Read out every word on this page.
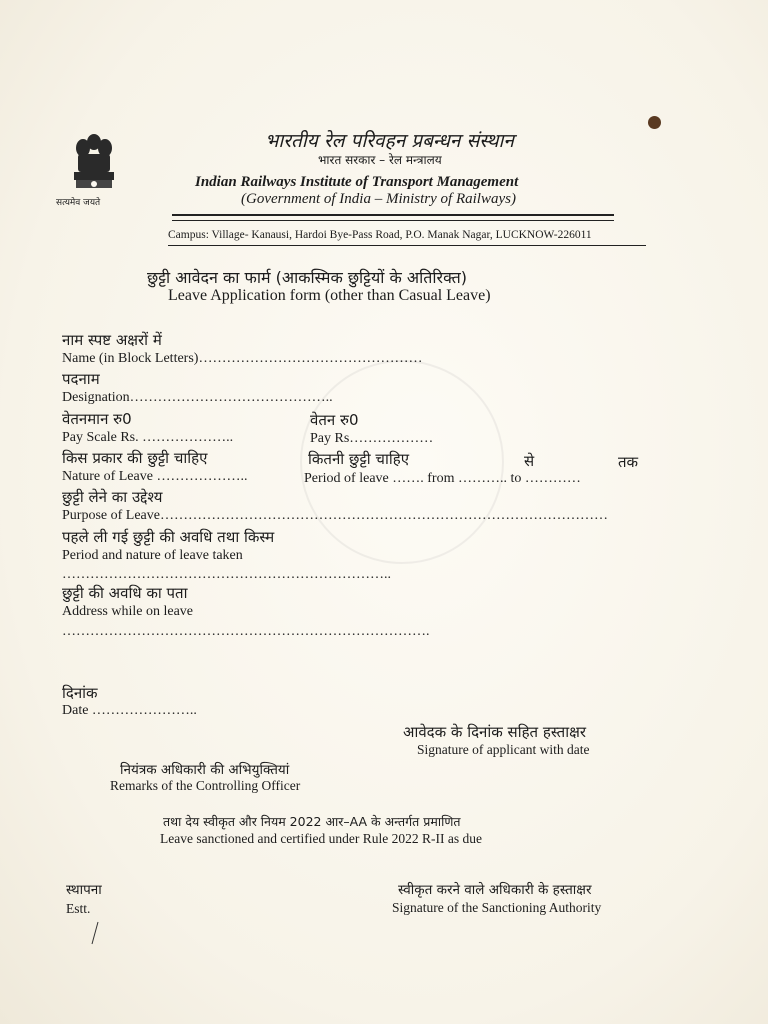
सत्यमेव जयते
भारतीय रेल परिवहन प्रबन्धन संस्थान
भारत सरकार – रेल मन्त्रालय
Indian Railways Institute of Transport Management
(Government of India – Ministry of Railways)
Campus: Village- Kanausi, Hardoi Bye-Pass Road, P.O. Manak Nagar, LUCKNOW-226011
छुट्टी आवेदन का फार्म (आकस्मिक छुट्टियों के अतिरिक्त)
Leave Application form (other than Casual Leave)
नाम स्पष्ट अक्षरों में
Name (in Block Letters)…………………………………………
पदनाम
Designation……………………………………..
वेतनमान रु0	वेतन रु0
Pay Scale Rs. ………………..	Pay Rs………………
किस प्रकार की छुट्टी चाहिए	कितनी छुट्टी चाहिए	से	तक
Nature of Leave ………………..	Period of leave ……. from ……….. to …………
छुट्टी लेने का उद्देश्य
Purpose of Leave……………………………………………………………………………………
पहले ली गई छुट्टी की अवधि तथा किस्म
Period and nature of leave taken
……………………………………………………………..
छुट्टी की अवधि का पता
Address while on leave
…………………………………………………………………….
दिनांक
Date …………………..
आवेदक के दिनांक सहित हस्ताक्षर
Signature of applicant with date
नियंत्रक अधिकारी की अभियुक्तियां
Remarks of the Controlling Officer
तथा देय स्वीकृत और नियम 2022 आर–AA के अन्तर्गत प्रमाणित
Leave sanctioned and certified under Rule 2022 R-II as due
स्थापना
Estt.
स्वीकृत करने वाले अधिकारी के हस्ताक्षर
Signature of the Sanctioning Authority
